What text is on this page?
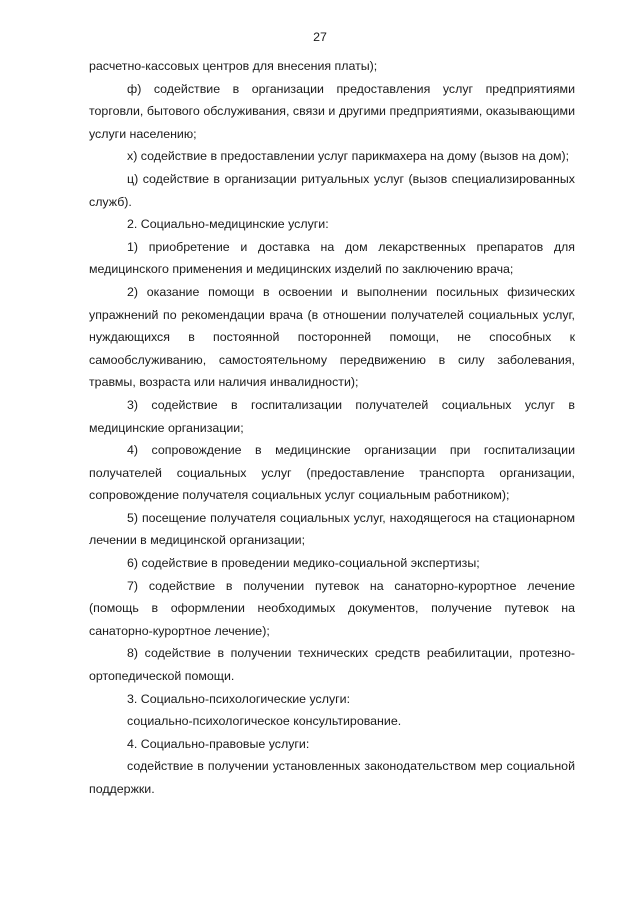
27

расчетно-кассовых центров для внесения платы);

ф) содействие в организации предоставления услуг предприятиями торговли, бытового обслуживания, связи и другими предприятиями, оказывающими услуги населению;

х) содействие в предоставлении услуг парикмахера на дому (вызов на дом);

ц) содействие в организации ритуальных услуг (вызов специализированных служб).

2. Социально-медицинские услуги:

1) приобретение и доставка на дом лекарственных препаратов для медицинского применения и медицинских изделий по заключению врача;

2) оказание помощи в освоении и выполнении посильных физических упражнений по рекомендации врача (в отношении получателей социальных услуг, нуждающихся в постоянной посторонней помощи, не способных к самообслуживанию, самостоятельному передвижению в силу заболевания, травмы, возраста или наличия инвалидности);

3) содействие в госпитализации получателей социальных услуг в медицинские организации;

4) сопровождение в медицинские организации при госпитализации получателей социальных услуг (предоставление транспорта организации, сопровождение получателя социальных услуг социальным работником);

5) посещение получателя социальных услуг, находящегося на стационарном лечении в медицинской организации;

6) содействие в проведении медико-социальной экспертизы;

7) содействие в получении путевок на санаторно-курортное лечение (помощь в оформлении необходимых документов, получение путевок на санаторно-курортное лечение);

8) содействие в получении технических средств реабилитации, протезно-ортопедической помощи.

3. Социально-психологические услуги:

социально-психологическое консультирование.

4. Социально-правовые услуги:

содействие в получении установленных законодательством мер социальной поддержки.
